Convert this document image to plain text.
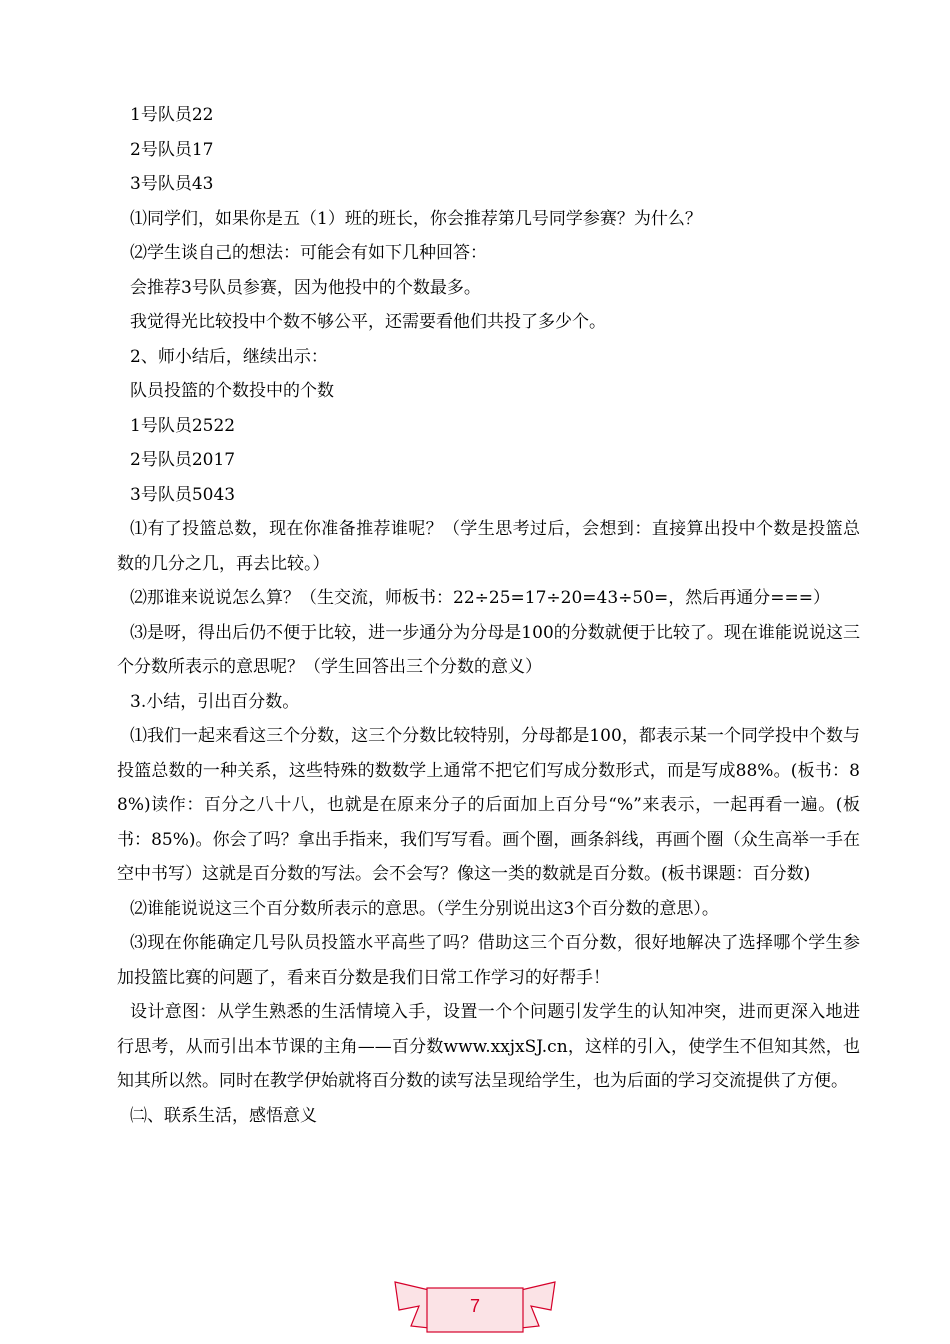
1号队员22

2号队员17

3号队员43

⑴同学们，如果你是五（1）班的班长，你会推荐第几号同学参赛？为什么？

⑵学生谈自己的想法：可能会有如下几种回答：

会推荐3号队员参赛，因为他投中的个数最多。

我觉得光比较投中个数不够公平，还需要看他们共投了多少个。

2、师小结后，继续出示：

队员投篮的个数投中的个数

1号队员2522

2号队员2017

3号队员5043

⑴有了投篮总数，现在你准备推荐谁呢？（学生思考过后，会想到：直接算出投中个数是投篮总数的几分之几，再去比较。）

⑵那谁来说说怎么算？（生交流，师板书：22÷25=17÷20=43÷50=，然后再通分===）

⑶是呀，得出后仍不便于比较，进一步通分为分母是100的分数就便于比较了。现在谁能说说这三个分数所表示的意思呢？（学生回答出三个分数的意义）

3.小结，引出百分数。

⑴我们一起来看这三个分数，这三个分数比较特别，分母都是100，都表示某一个同学投中个数与投篮总数的一种关系，这些特殊的数数学上通常不把它们写成分数形式，而是写成88%。(板书：88%)读作：百分之八十八，也就是在原来分子的后面加上百分号“%”来表示，一起再看一遍。(板书：85%)。你会了吗？拿出手指来，我们写写看。画个圈，画条斜线，再画个圈（众生高举一手在空中书写）这就是百分数的写法。会不会写？像这一类的数就是百分数。(板书课题：百分数)

⑵谁能说说这三个百分数所表示的意思。（学生分别说出这3个百分数的意思）。

⑶现在你能确定几号队员投篮水平高些了吗？借助这三个百分数，很好地解决了选择哪个学生参加投篮比赛的问题了，看来百分数是我们日常工作学习的好帮手！

设计意图：从学生熟悉的生活情境入手，设置一个个问题引发学生的认知冲突，进而更深入地进行思考，从而引出本节课的主角——百分数www.xxjxSJ.cn，这样的引入，使学生不但知其然，也知其所以然。同时在教学伊始就将百分数的读写法呈现给学生，也为后面的学习交流提供了方便。

㈡、联系生活，感悟意义

7
